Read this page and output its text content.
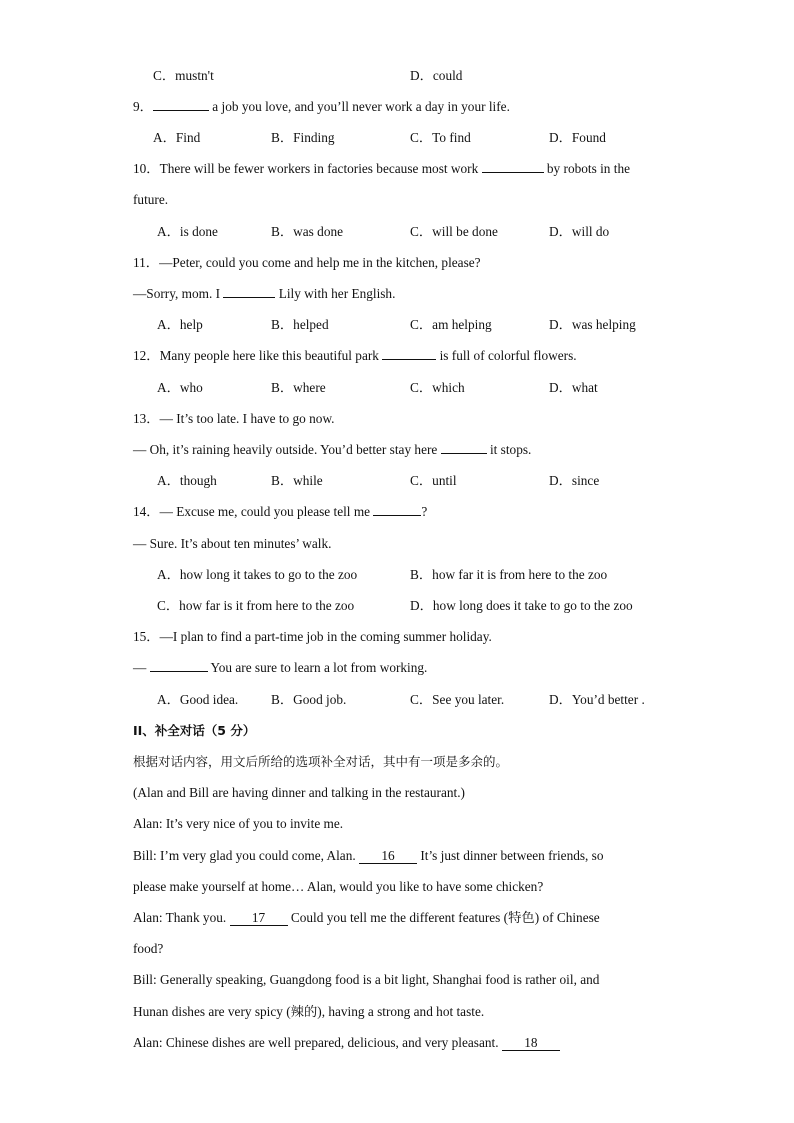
C．mustn't	D．could
9．	a job you love, and you’ll never work a day in your life.
A．Find	B．Finding	C．To find	D．Found
10．There will be fewer workers in factories because most work	by robots in the
future.
A．is done	B．was done	C．will be done	D．will do
11．—Peter, could you come and help me in the kitchen, please?
—Sorry, mom. I	Lily with her English.
A．help	B．helped	C．am helping	D．was helping
12．Many people here like this beautiful park	is full of colorful flowers.
A．who	B．where	C．which	D．what
13．— It’s too late. I have to go now.
— Oh, it’s raining heavily outside. You’d better stay here	it stops.
A．though	B．while	C．until	D．since
14．— Excuse me, could you please tell me	?
— Sure. It’s about ten minutes’ walk.
A．how long it takes to go to the zoo	B．how far it is from here to the zoo
C．how far is it from here to the zoo	D．how long does it take to go to the zoo
15．—I plan to find a part-time job in the coming summer holiday.
—	You are sure to learn a lot from working.
A．Good idea. B．Good job.	C．See you later.	D．You’d better .
II、补全对话（5 分）
根据对话内容，用文后所给的选项补全对话，其中有一项是多余的。
(Alan and Bill are having dinner and talking in the restaurant.)
Alan: It’s very nice of you to invite me.
Bill: I’m very glad you could come, Alan. 16 It’s just dinner between friends, so
please make yourself at home… Alan, would you like to have some chicken?
Alan: Thank you. 17 Could you tell me the different features (特色) of Chinese
food?
Bill: Generally speaking, Guangdong food is a bit light, Shanghai food is rather oil, and
Hunan dishes are very spicy (辣的), having a strong and hot taste.
Alan: Chinese dishes are well prepared, delicious, and very pleasant. 18
